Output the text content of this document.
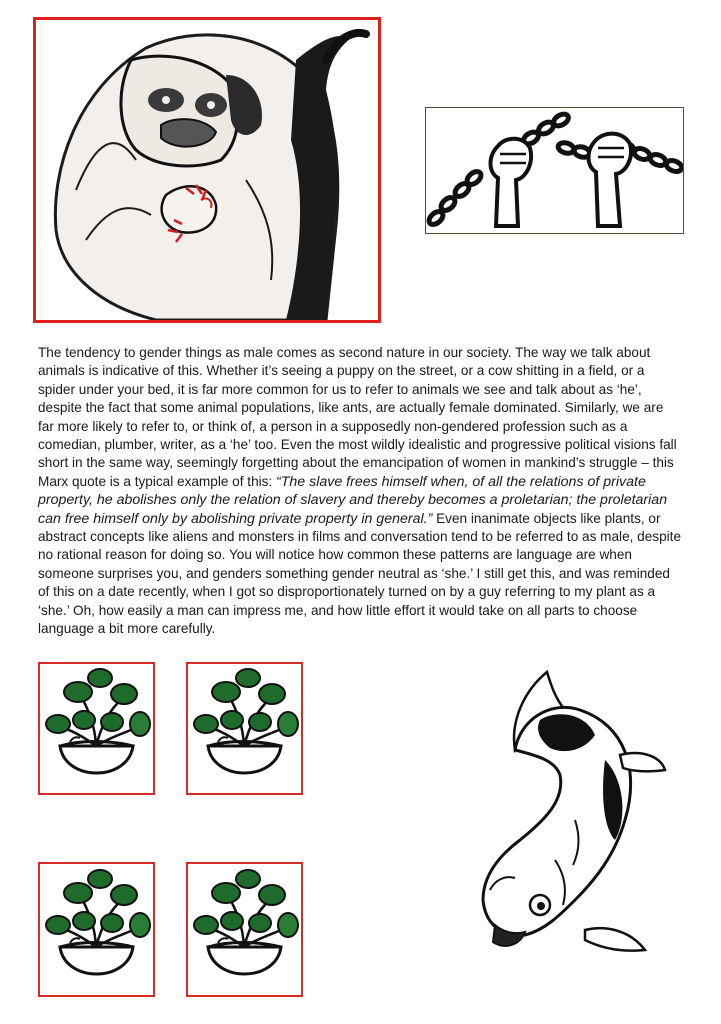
The tendency to gender things as male comes as second nature in our society. The way we talk about animals is indicative of this. Whether it’s seeing a puppy on the street, or a cow shitting in a field, or a spider under your bed, it is far more common for us to refer to animals we see and talk about as ‘he’, despite the fact that some animal populations, like ants, are actually female dominated. Similarly, we are far more likely to refer to, or think of, a person in a supposedly non-gendered profession such as a comedian, plumber, writer, as a ‘he’ too. Even the most wildly idealistic and progressive political visions fall short in the same way, seemingly forgetting about the emancipation of women in mankind’s struggle – this Marx quote is a typical example of this: “The slave frees himself when, of all the relations of private property, he abolishes only the relation of slavery and thereby becomes a proletarian; the proletarian can free himself only by abolishing private property in general.” Even inanimate objects like plants, or abstract concepts like aliens and monsters in films and conversation tend to be referred to as male, despite no rational reason for doing so. You will notice how common these patterns are language are when someone surprises you, and genders something gender neutral as ‘she.’ I still get this, and was reminded of this on a date recently, when I got so disproportionately turned on by a guy referring to my plant as a ‘she.’ Oh, how easily a man can impress me, and how little effort it would take on all parts to choose language a bit more carefully.
